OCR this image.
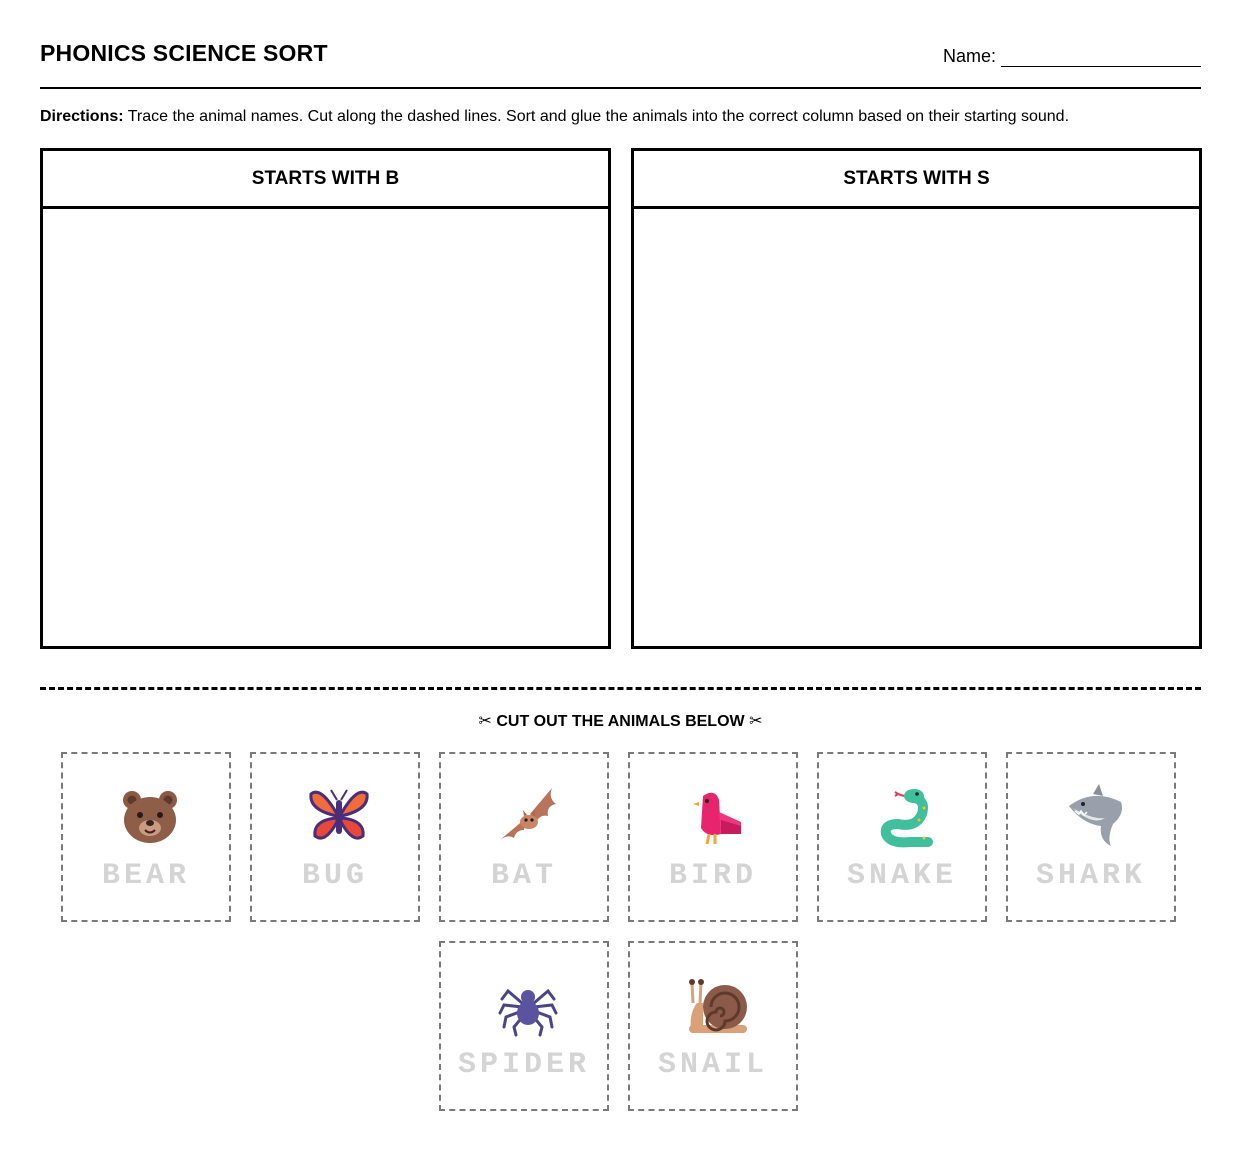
PHONICS SCIENCE SORT	Name:
Directions: Trace the animal names. Cut along the dashed lines. Sort and glue the animals into the correct column based on their starting sound.
STARTS WITH B	STARTS WITH S
✂ CUT OUT THE ANIMALS BELOW ✂
BEAR	BUG	BAT	BIRD	SNAKE	SHARK
SPIDER	SNAIL
